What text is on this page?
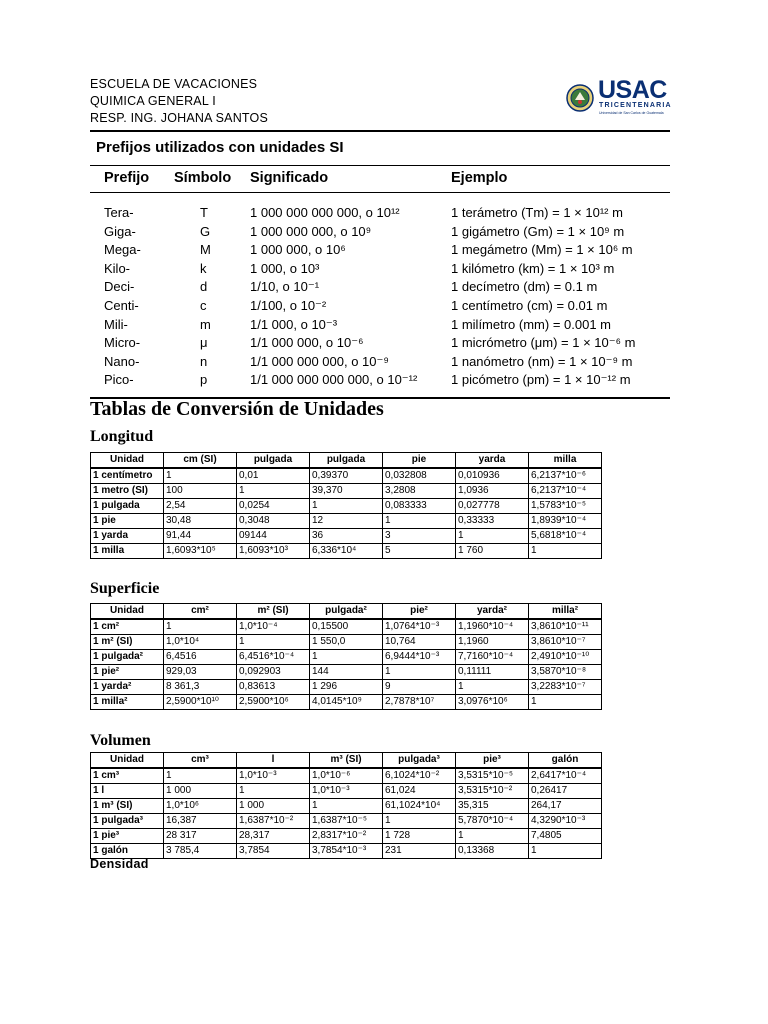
ESCUELA DE VACACIONES
QUIMICA GENERAL I
RESP. ING. JOHANA SANTOS
USAC
TRICENTENARIA
Universidad de San Carlos de Guatemala
Prefijos utilizados con unidades SI
Prefijo Símbolo Significado	Ejemplo
Tera-	T	1 000 000 000 000, o 10¹²	1 terámetro (Tm) = 1 × 10¹² m
Giga-	G	1 000 000 000, o 10⁹	1 gigámetro (Gm) = 1 × 10⁹ m
Mega-	M	1 000 000, o 10⁶	1 megámetro (Mm) = 1 × 10⁶ m
Kilo-	k	1 000, o 10³	1 kilómetro (km) = 1 × 10³ m
Deci-	d	1/10, o 10⁻¹	1 decímetro (dm) = 0.1 m
Centi-	c	1/100, o 10⁻²	1 centímetro (cm) = 0.01 m
Mili-	m	1/1 000, o 10⁻³	1 milímetro (mm) = 0.001 m
Micro-	μ	1/1 000 000, o 10⁻⁶	1 micrómetro (μm) = 1 × 10⁻⁶ m
Nano-	n	1/1 000 000 000, o 10⁻⁹	1 nanómetro (nm) = 1 × 10⁻⁹ m
Pico-	p	1/1 000 000 000 000, o 10⁻¹²	1 picómetro (pm) = 1 × 10⁻¹² m
Tablas de Conversión de Unidades
Longitud
Unidad	cm (SI)	pulgada	pulgada	pie	yarda	milla
1 centímetro	1	0,01	0,39370	0,032808	0,010936	6,2137*10⁻⁶
1 metro (SI)	100	1	39,370	3,2808	1,0936	6,2137*10⁻⁴
1 pulgada	2,54	0,0254	1	0,083333	0,027778	1,5783*10⁻⁵
1 pie	30,48	0,3048	12	1	0,33333	1,8939*10⁻⁴
1 yarda	91,44	09144	36	3	1	5,6818*10⁻⁴
1 milla	1,6093*10⁵	1,6093*10³	6,336*10⁴	5	1 760	1
Superficie
Unidad	cm²	m² (SI)	pulgada²	pie²	yarda²	milla²
1 cm²	1	1,0*10⁻⁴	0,15500	1,0764*10⁻³	1,1960*10⁻⁴	3,8610*10⁻¹¹
1 m² (SI)	1,0*10⁴	1	1 550,0	10,764	1,1960	3,8610*10⁻⁷
1 pulgada²	6,4516	6,4516*10⁻⁴	1	6,9444*10⁻³	7,7160*10⁻⁴	2,4910*10⁻¹⁰
1 pie²	929,03	0,092903	144	1	0,11111	3,5870*10⁻⁸
1 yarda²	8 361,3	0,83613	1 296	9	1	3,2283*10⁻⁷
1 milla²	2,5900*10¹⁰	2,5900*10⁶	4,0145*10⁹	2,7878*10⁷	3,0976*10⁶	1
Volumen
Unidad	cm³	l	m³ (SI)	pulgada³	pie³	galón
1 cm³	1	1,0*10⁻³	1,0*10⁻⁶	6,1024*10⁻²	3,5315*10⁻⁵	2,6417*10⁻⁴
1 l	1 000	1	1,0*10⁻³	61,024	3,5315*10⁻²	0,26417
1 m³ (SI)	1,0*10⁶	1 000	1	61,1024*10⁴	35,315	264,17
1 pulgada³	16,387	1,6387*10⁻²	1,6387*10⁻⁵	1	5,7870*10⁻⁴	4,3290*10⁻³
1 pie³	28 317	28,317	2,8317*10⁻²	1 728	1	7,4805
1 galón	3 785,4	3,7854	3,7854*10⁻³	231	0,13368	1
Densidad
